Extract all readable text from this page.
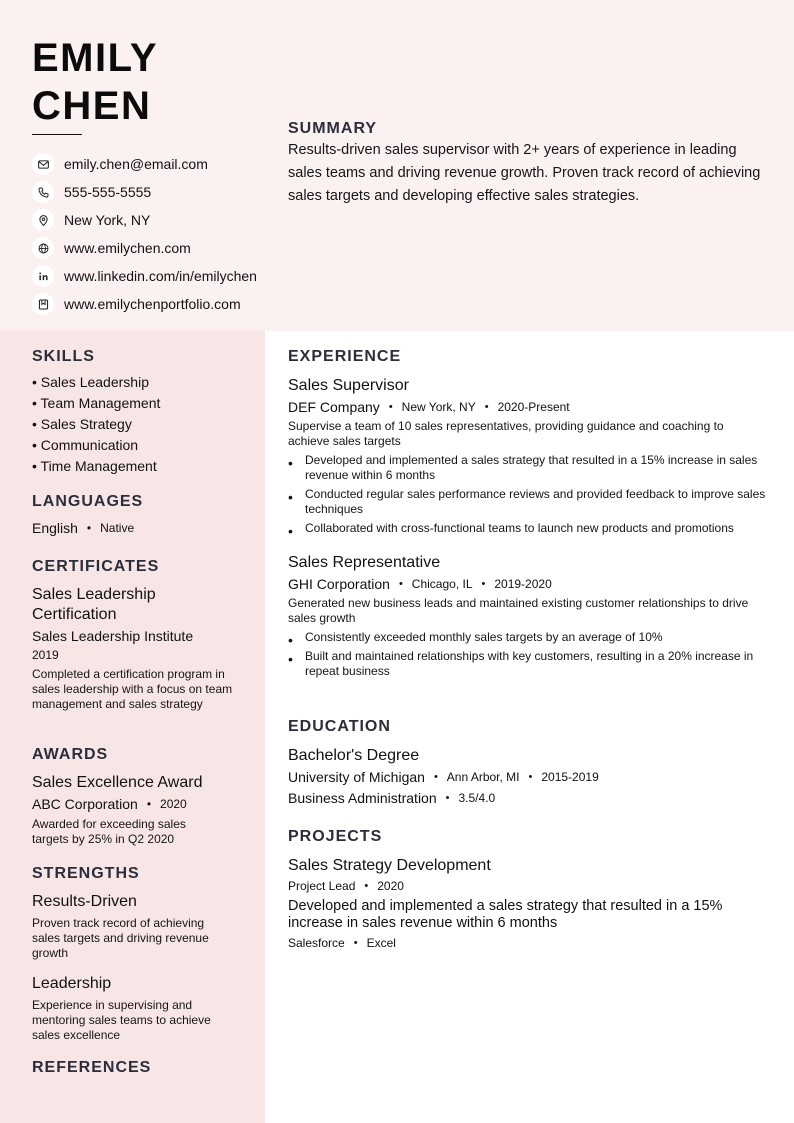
EMILY
CHEN
emily.chen@email.com
555-555-5555
New York, NY
www.emilychen.com
www.linkedin.com/in/emilychen
www.emilychenportfolio.com
SUMMARY
Results-driven sales supervisor with 2+ years of experience in leading sales teams and driving revenue growth. Proven track record of achieving sales targets and developing effective sales strategies.
SKILLS
• Sales Leadership
• Team Management
• Sales Strategy
• Communication
• Time Management
LANGUAGES
English • Native
CERTIFICATES
Sales Leadership Certification
Sales Leadership Institute
2019
Completed a certification program in sales leadership with a focus on team management and sales strategy
AWARDS
Sales Excellence Award
ABC Corporation • 2020
Awarded for exceeding sales targets by 25% in Q2 2020
STRENGTHS
Results-Driven
Proven track record of achieving sales targets and driving revenue growth
Leadership
Experience in supervising and mentoring sales teams to achieve sales excellence
REFERENCES
EXPERIENCE
Sales Supervisor
DEF Company • New York, NY • 2020-Present
Supervise a team of 10 sales representatives, providing guidance and coaching to achieve sales targets
• Developed and implemented a sales strategy that resulted in a 15% increase in sales revenue within 6 months
• Conducted regular sales performance reviews and provided feedback to improve sales techniques
• Collaborated with cross-functional teams to launch new products and promotions
Sales Representative
GHI Corporation • Chicago, IL • 2019-2020
Generated new business leads and maintained existing customer relationships to drive sales growth
• Consistently exceeded monthly sales targets by an average of 10%
• Built and maintained relationships with key customers, resulting in a 20% increase in repeat business
EDUCATION
Bachelor's Degree
University of Michigan • Ann Arbor, MI • 2015-2019
Business Administration • 3.5/4.0
PROJECTS
Sales Strategy Development
Project Lead • 2020
Developed and implemented a sales strategy that resulted in a 15% increase in sales revenue within 6 months
Salesforce • Excel
